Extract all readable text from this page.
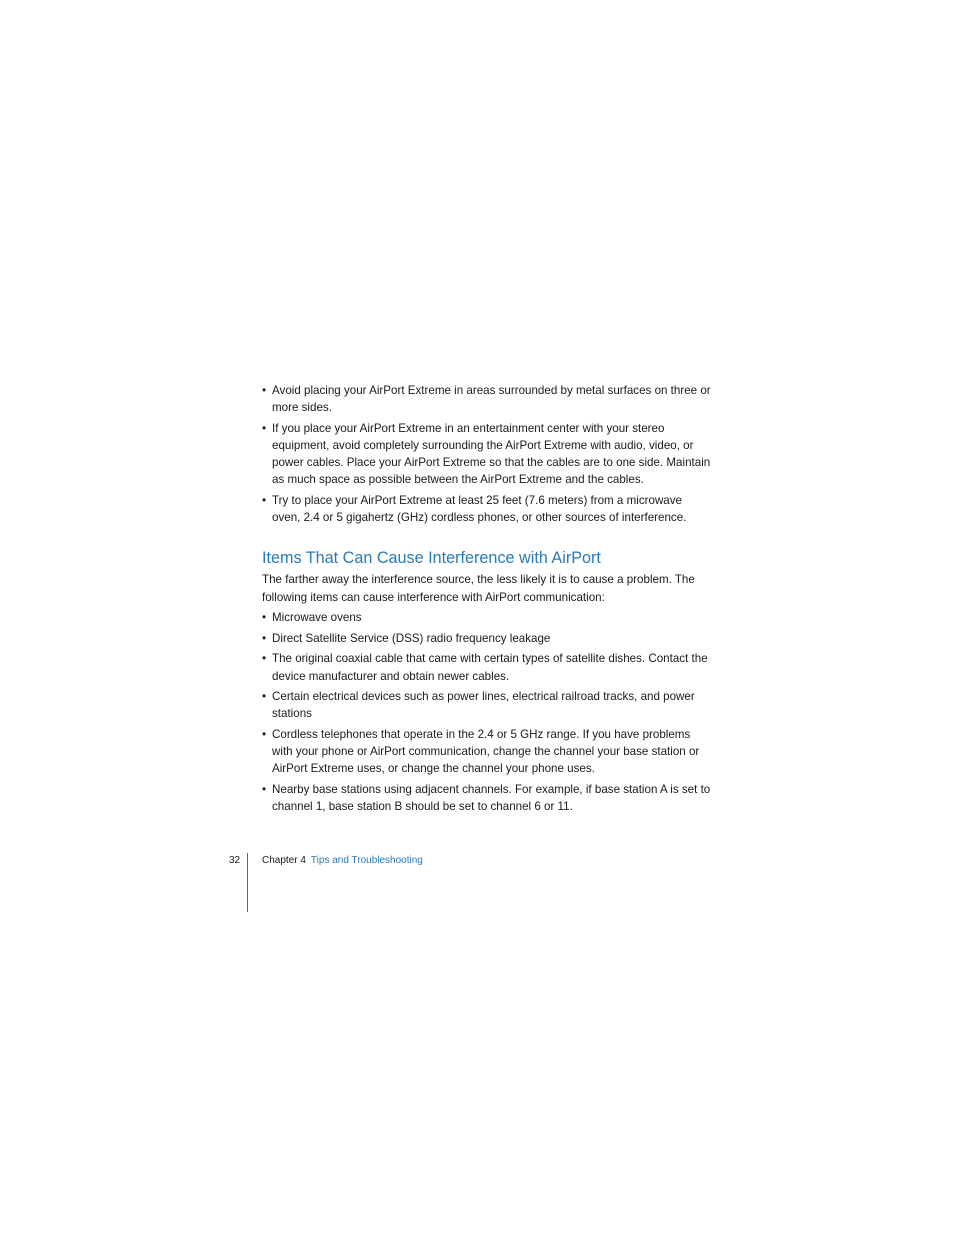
• Avoid placing your AirPort Extreme in areas surrounded by metal surfaces on three or more sides.
• If you place your AirPort Extreme in an entertainment center with your stereo equipment, avoid completely surrounding the AirPort Extreme with audio, video, or power cables. Place your AirPort Extreme so that the cables are to one side. Maintain as much space as possible between the AirPort Extreme and the cables.
• Try to place your AirPort Extreme at least 25 feet (7.6 meters) from a microwave oven, 2.4 or 5 gigahertz (GHz) cordless phones, or other sources of interference.
Items That Can Cause Interference with AirPort

The farther away the interference source, the less likely it is to cause a problem. The following items can cause interference with AirPort communication:

• Microwave ovens
• Direct Satellite Service (DSS) radio frequency leakage
• The original coaxial cable that came with certain types of satellite dishes. Contact the device manufacturer and obtain newer cables.
• Certain electrical devices such as power lines, electrical railroad tracks, and power stations
• Cordless telephones that operate in the 2.4 or 5 GHz range. If you have problems with your phone or AirPort communication, change the channel your base station or AirPort Extreme uses, or change the channel your phone uses.
• Nearby base stations using adjacent channels. For example, if base station A is set to channel 1, base station B should be set to channel 6 or 11.
32 Chapter 4 Tips and Troubleshooting
